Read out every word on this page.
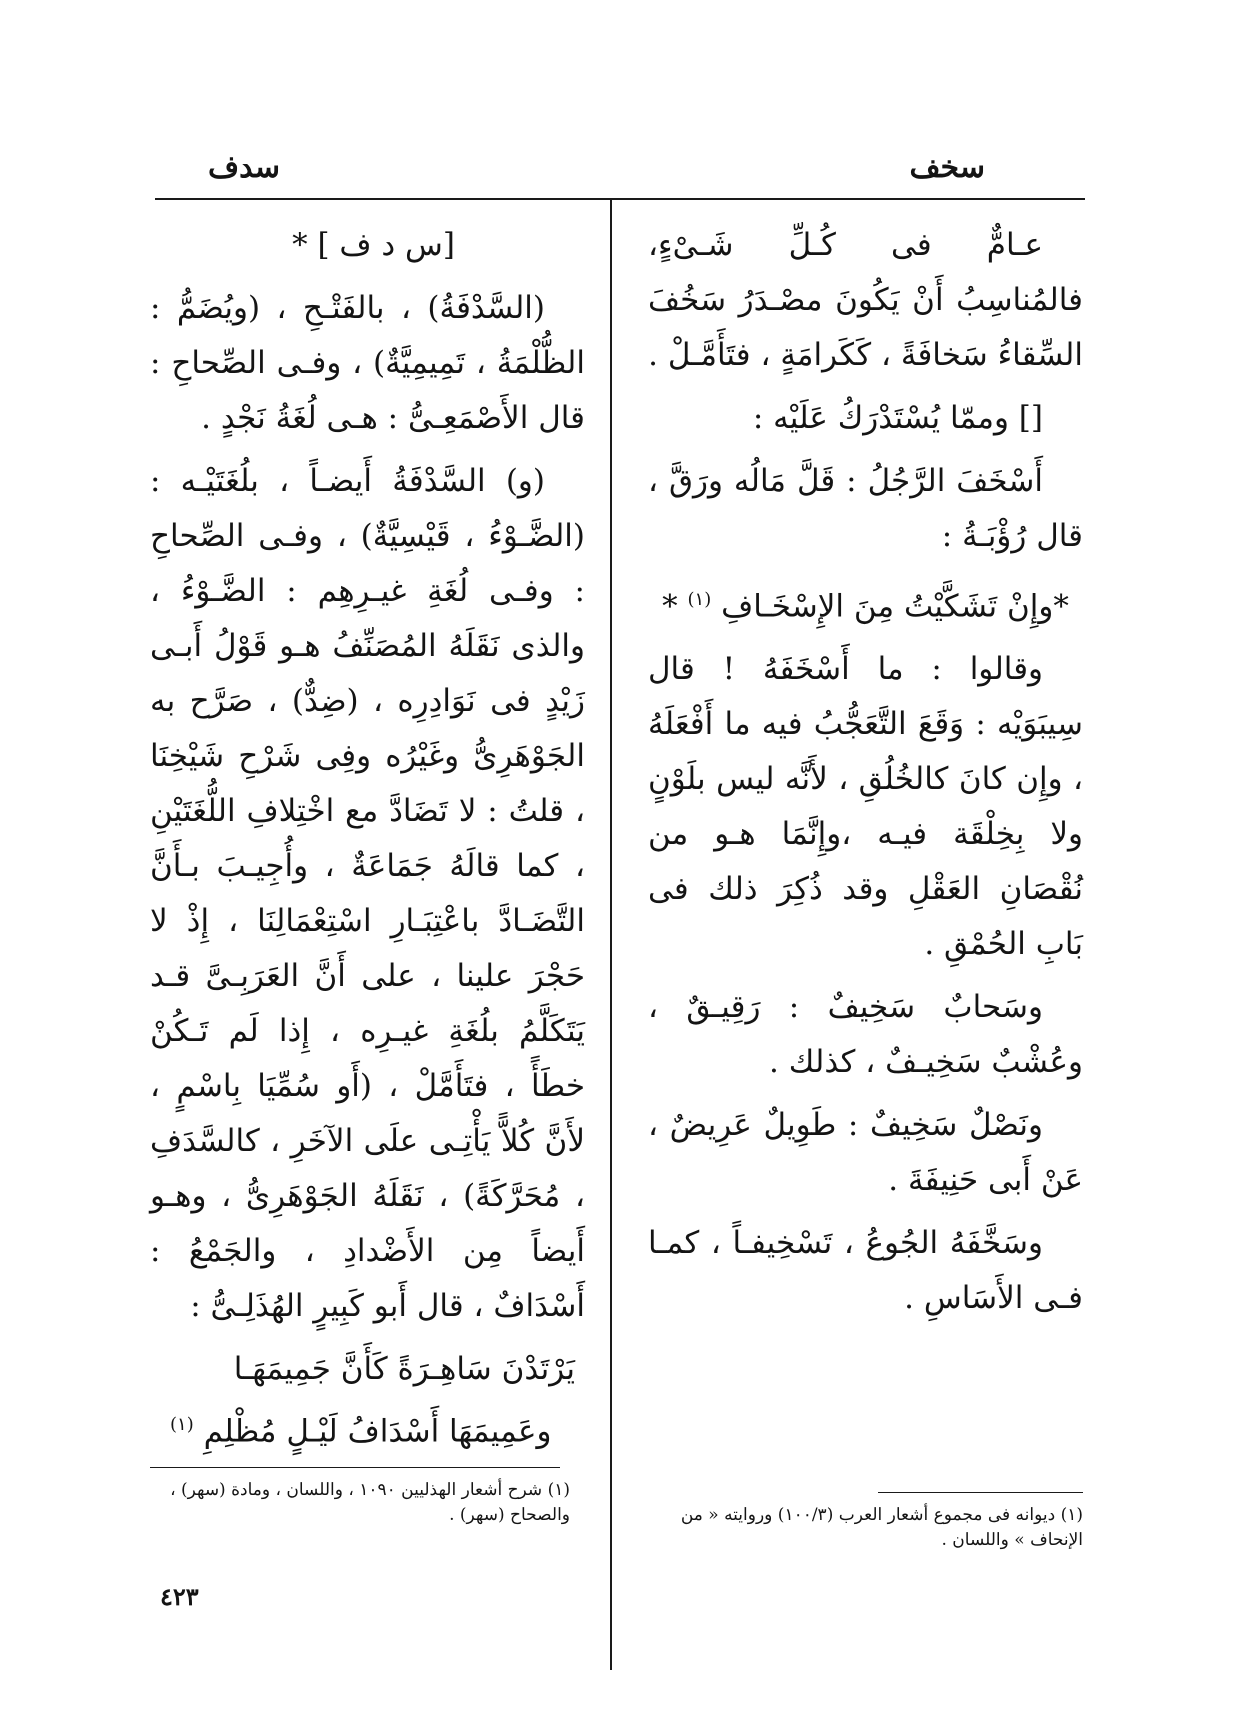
سخف
سدف

عـامٌّ فى كُـلِّ شَـىْءٍ، فالمُناسِبُ أَنْ يَكُونَ مصْـدَرُ سَخُفَ السِّقاءُ سَخافَةً ، كَكَرامَةٍ ، فتَأَمَّـلْ .

[] وممّا يُسْتَدْرَكُ عَلَيْه :

أَسْخَفَ الرَّجُلُ : قَلَّ مَالُه ورَقَّ ، قال رُؤْبَـةُ :

*وإِنْ تَشَكَّيْتُ مِنَ الإِسْخَـافِ $^{(١)}$ *

وقالوا : ما أَسْخَفَهُ ! قال سِيبَوَيْه : وَقَعَ التَّعَجُّبُ فيه ما أَفْعَلَهُ ، وإِن كانَ كالخُلُقِ ، لأَنَّه ليس بلَوْنٍ ولا بِخِلْقَة فيـه ،وإِنَّمَا هـو من نُقْصَانِ العَقْلِ وقد ذُكِرَ ذلك فى بَابِ الحُمْقِ .

وسَحابٌ سَخِيفٌ : رَقِيـقٌ ، وعُشْبٌ سَخِيـفٌ ، كذلك .

ونَصْلٌ سَخِيفٌ : طَوِيلٌ عَرِيضٌ ، عَنْ أَبى حَنِيفَةَ .

وسَخَّفَهُ الجُوعُ ، تَسْخِيفـاً ، كمـا فـى الأَسَاسِ .

[س د ف ] *

(السَّدْفَةُ) ، بالفَتْـحِ ، (ويُضَمُّ : الظُّلْمَةُ ، تَمِيمِيَّةٌ) ، وفـى الصِّحاحِ : قال الأَصْمَعِـىُّ : هـى لُغَةُ نَجْدٍ .

(و) السَّدْفَةُ أَيضـاً ، بلُغَتَيْـه : (الضَّـوْءُ ، قَيْسِيَّةٌ) ، وفـى الصِّحاحِ : وفـى لُغَةِ غيـرِهِم : الضَّـوْءُ ، والذى نَقَلَهُ المُصَنِّفُ هـو قَوْلُ أَبـى زَيْدٍ فى نَوَادِرِه ، (ضِدٌّ) ، صَرَّح به الجَوْهَرِىُّ وغَيْرُه وفِى شَرْحِ شَيْخِنَا ، قلتُ : لا تَضَادَّ مع اخْتِلافِ اللُّغَتَيْنِ ، كما قالَهُ جَمَاعَةٌ ، وأُجِيـبَ بـأَنَّ التَّضَـادَّ باعْتِبَـارِ اسْتِعْمَالِنَا ، إِذْ لا حَجْرَ علينا ، على أَنَّ العَرَبِـىَّ قـد يَتَكَلَّمُ بلُغَةِ غيـرِه ، إِذا لَم تَـكُنْ خطَأً ، فتَأَمَّلْ ، (أَو سُمِّيَا بِاسْمٍ ، لأَنَّ كُلاًّ يَأْتِـى علَى الآخَرِ ، كالسَّدَفِ ، مُحَرَّكَةً) ، نَقَلَهُ الجَوْهَرِىُّ ، وهـو أَيضاً مِن الأَضْدادِ ، والجَمْعُ : أَسْدَافٌ ، قال أَبو كَبِيرٍ الهُذَلِـىُّ :

يَرْتَدْنَ سَاهِـرَةً كَأَنَّ جَمِيمَهَـا

وعَمِيمَهَا أَسْدَافُ لَيْـلٍ مُظْلِمِ $^{(١)}$

(١) ديوانه فى مجموع أشعار العرب (١٠٠/٣) وروايته « من الإنحاف » واللسان .
(١) شرح أشعار الهذليين ١٠٩٠ ، واللسان ، ومادة (سهر) ، والصحاح (سهر) .
٤٢٣
